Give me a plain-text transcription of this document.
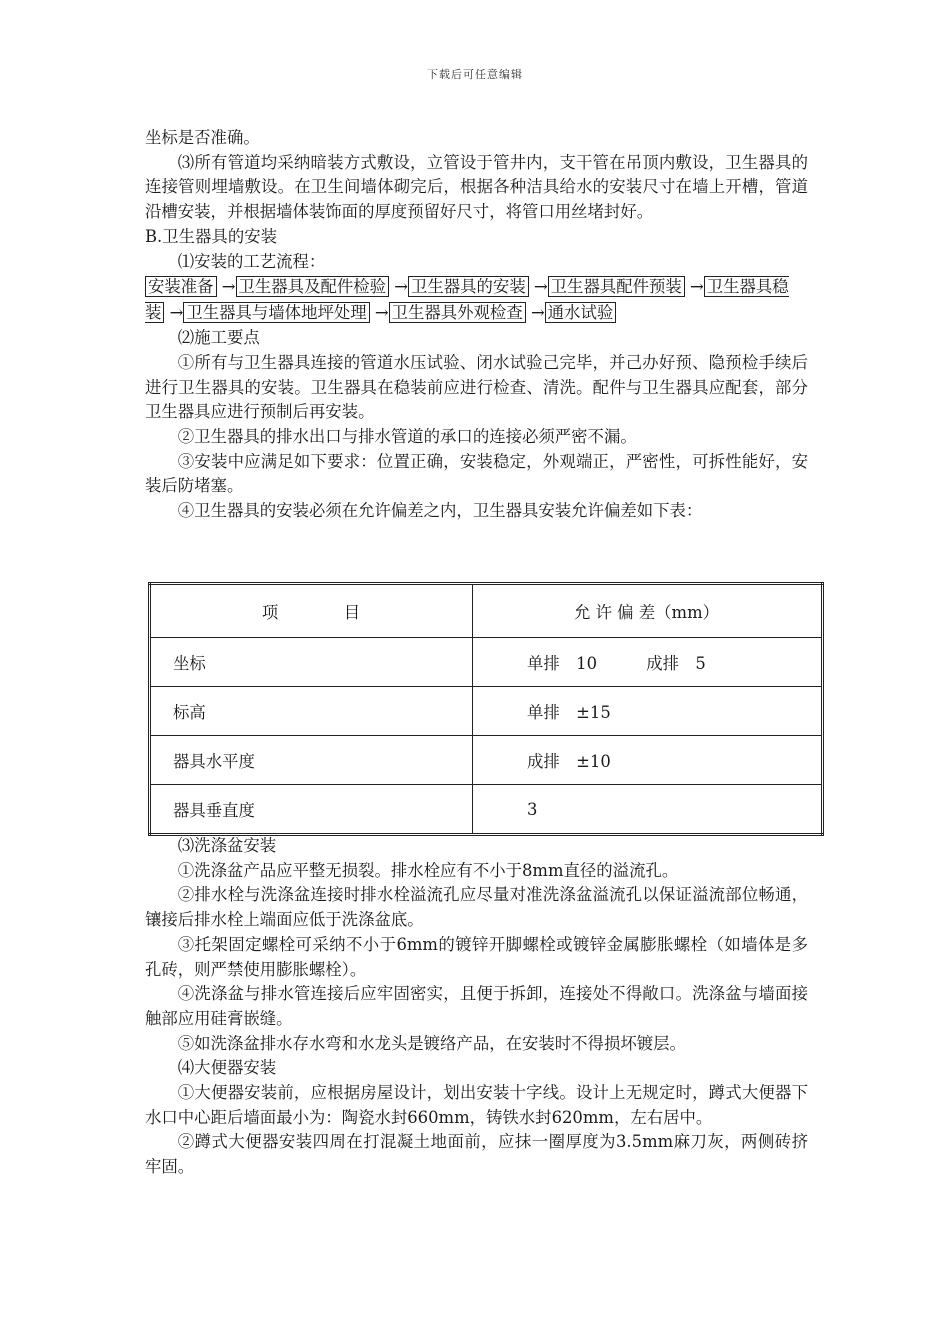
下载后可任意编辑

坐标是否准确。

⑶所有管道均采纳暗装方式敷设，立管设于管井内，支干管在吊顶内敷设，卫生器具的连接管则埋墙敷设。在卫生间墙体砌完后，根据各种洁具给水的安装尺寸在墙上开槽，管道沿槽安装，并根据墙体装饰面的厚度预留好尺寸，将管口用丝堵封好。

B.卫生器具的安装

⑴安装的工艺流程：

安装准备 → 卫生器具及配件检验 → 卫生器具的安装 → 卫生器具配件预装 → 卫生器具稳装 → 卫生器具与墙体地坪处理 → 卫生器具外观检查 → 通水试验

⑵施工要点

①所有与卫生器具连接的管道水压试验、闭水试验己完毕，并己办好预、隐预检手续后进行卫生器具的安装。卫生器具在稳装前应进行检查、清洗。配件与卫生器具应配套，部分卫生器具应进行预制后再安装。

②卫生器具的排水出口与排水管道的承口的连接必须严密不漏。

③安装中应满足如下要求：位置正确，安装稳定，外观端正，严密性，可拆性能好，安装后防堵塞。

④卫生器具的安装必须在允许偏差之内，卫生器具安装允许偏差如下表：

项　　　　目	允 许 偏 差（mm）
坐标	单排　10　　　成排　5
标高	单排　±15
器具水平度	成排　±10
器具垂直度	3

⑶洗涤盆安装

①洗涤盆产品应平整无损裂。排水栓应有不小于8mm直径的溢流孔。

②排水栓与洗涤盆连接时排水栓溢流孔应尽量对准洗涤盆溢流孔以保证溢流部位畅通，镶接后排水栓上端面应低于洗涤盆底。

③托架固定螺栓可采纳不小于6mm的镀锌开脚螺栓或镀锌金属膨胀螺栓（如墙体是多孔砖，则严禁使用膨胀螺栓）。

④洗涤盆与排水管连接后应牢固密实，且便于拆卸，连接处不得敞口。洗涤盆与墙面接触部应用硅膏嵌缝。

⑤如洗涤盆排水存水弯和水龙头是镀络产品，在安装时不得损坏镀层。

⑷大便器安装

①大便器安装前，应根据房屋设计，划出安装十字线。设计上无规定时，蹲式大便器下水口中心距后墙面最小为：陶瓷水封660mm，铸铁水封620mm，左右居中。

②蹲式大便器安装四周在打混凝土地面前，应抹一圈厚度为3.5mm麻刀灰，两侧砖挤牢固。
